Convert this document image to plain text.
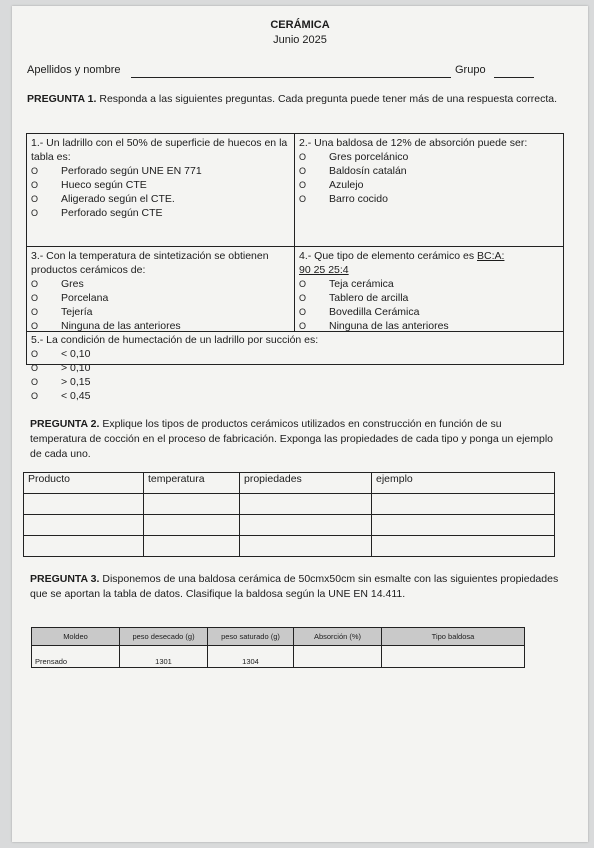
CERÁMICA
Junio 2025
Apellidos y nombre	Grupo
PREGUNTA 1. Responda a las siguientes preguntas. Cada pregunta puede tener más de una respuesta correcta.
1.- Un ladrillo con el 50% de superficie de huecos en la tabla es:
O Perforado según UNE EN 771
O Hueco según CTE
O Aligerado según el CTE.
O Perforado según CTE
2.- Una baldosa de 12% de absorción puede ser:
O Gres porcelánico
O Baldosín catalán
O Azulejo
O Barro cocido
3.- Con la temperatura de sintetización se obtienen productos cerámicos de:
O Gres
O Porcelana
O Tejería
O Ninguna de las anteriores
4.- Que tipo de elemento cerámico es BC:A:
90 25 25:4
O Teja cerámica
O Tablero de arcilla
O Bovedilla Cerámica
O Ninguna de las anteriores
5.- La condición de humectación de un ladrillo por succión es:
O < 0,10
O > 0,10
O > 0,15
O < 0,45
PREGUNTA 2. Explique los tipos de productos cerámicos utilizados en construcción en función de su temperatura de cocción en el proceso de fabricación. Exponga las propiedades de cada tipo y ponga un ejemplo de cada uno.
Producto	temperatura	propiedades	ejemplo

PREGUNTA 3. Disponemos de una baldosa cerámica de 50cmx50cm sin esmalte con las siguientes propiedades que se aportan la tabla de datos. Clasifique la baldosa según la UNE EN 14.411.
Moldeo	peso desecado (g)	peso saturado (g)	Absorción (%)	Tipo baldosa
Prensado	1301	1304		
